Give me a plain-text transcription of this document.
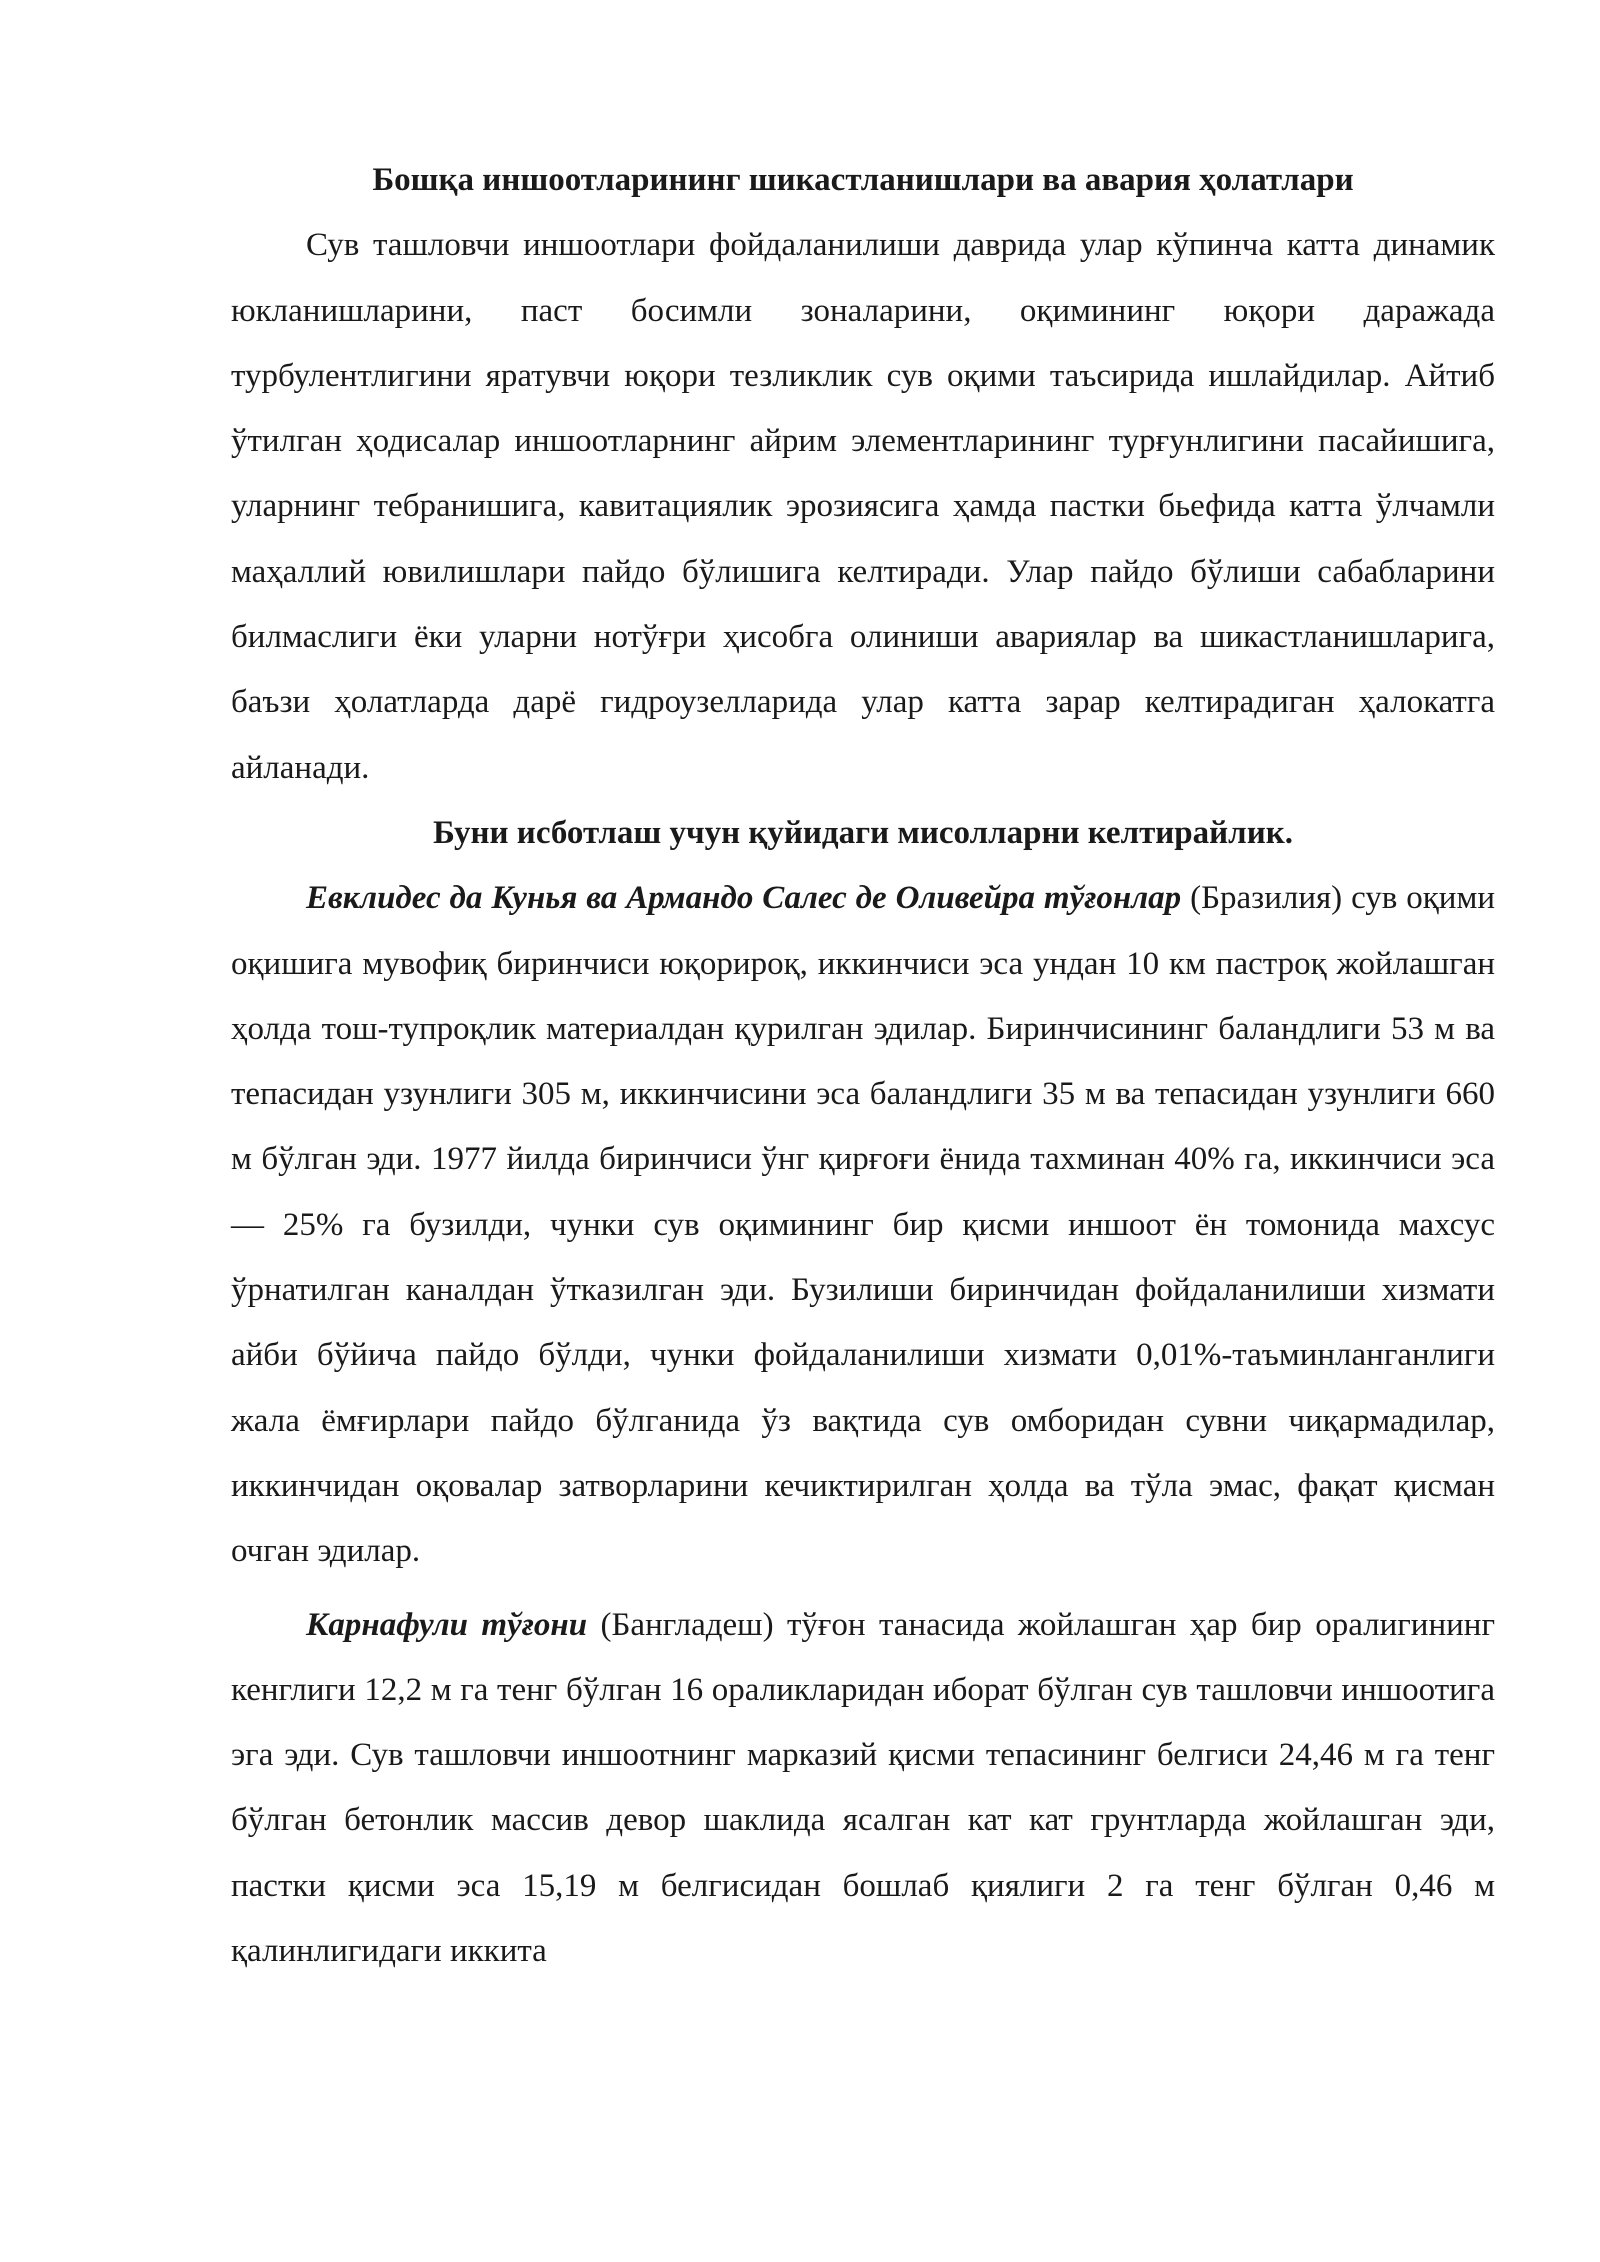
Бошқа иншоотларининг шикастланишлари ва авария ҳолатлари

Сув ташловчи иншоотлари фойдаланилиши даврида улар кўпинча катта динамик юкланишларини, паст босимли зоналарини, оқимининг юқори даражада турбулентлигини яратувчи юқори тезликлик сув оқими таъсирида ишлайдилар. Айтиб ўтилган ҳодисалар иншоотларнинг айрим элементларининг турғунлигини пасайишига, уларнинг тебранишига, кавитациялик эрозиясига ҳамда пастки бьефида катта ўлчамли маҳаллий ювилишлари пайдо бўлишига келтиради. Улар пайдо бўлиши сабабларини билмаслиги ёки уларни нотўғри ҳисобга олиниши авариялар ва шикастланишларига, баъзи ҳолатларда дарё гидроузелларида улар катта зарар келтирадиган ҳалокатга айланади.

Буни исботлаш учун қуйидаги мисолларни келтирайлик.

Евклидес да Кунья ва Армандо Салес де Оливейра тўғонлар (Бразилия) сув оқими оқишига мувофиқ биринчиси юқорироқ, иккинчиси эса ундан 10 км пастроқ жойлашган ҳолда тош-тупроқлик материалдан қурилган эдилар. Биринчисининг баландлиги 53 м ва тепасидан узунлиги 305 м, иккинчисини эса баландлиги 35 м ва тепасидан узунлиги 660 м бўлган эди. 1977 йилда биринчиси ўнг қирғоғи ёнида тахминан 40% га, иккинчиси эса — 25% га бузилди, чунки сув оқимининг бир қисми иншоот ён томонида махсус ўрнатилган каналдан ўтказилган эди. Бузилиши биринчидан фойдаланилиши хизмати айби бўйича пайдо бўлди, чунки фойдаланилиши хизмати 0,01%-таъминланганлиги жала ёмғирлари пайдо бўлганида ўз вақтида сув омборидан сувни чиқармадилар, иккинчидан оқовалар затворларини кечиктирилган ҳолда ва тўла эмас, фақат қисман очган эдилар.

Карнафули тўғони (Бангладеш) тўғон танасида жойлашган ҳар бир оралигининг кенглиги 12,2 м га тенг бўлган 16 ораликларидан иборат бўлган сув ташловчи иншоотига эга эди. Сув ташловчи иншоотнинг марказий қисми тепасининг белгиси 24,46 м га тенг бўлган бетонлик массив девор шаклида ясалган кат кат грунтларда жойлашган эди, пастки қисми эса 15,19 м белгисидан бошлаб қиялиги 2 га тенг бўлган 0,46 м қалинлигидаги иккита
